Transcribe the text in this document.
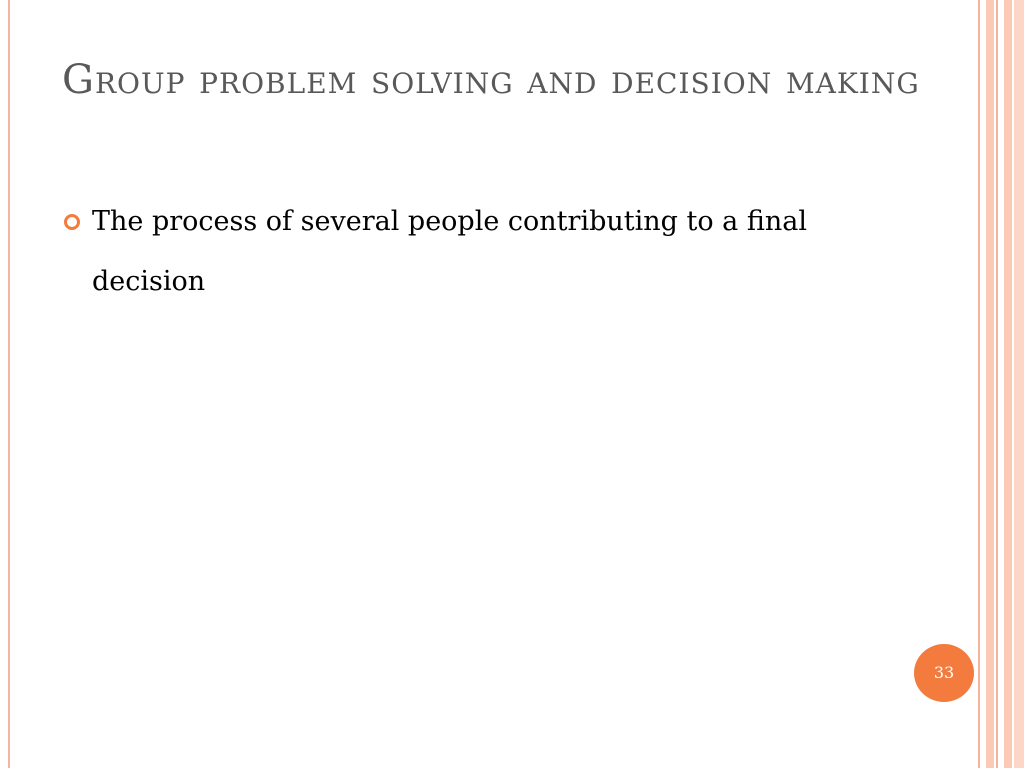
Group problem solving and decision making
The process of several people contributing to a final decision
33
